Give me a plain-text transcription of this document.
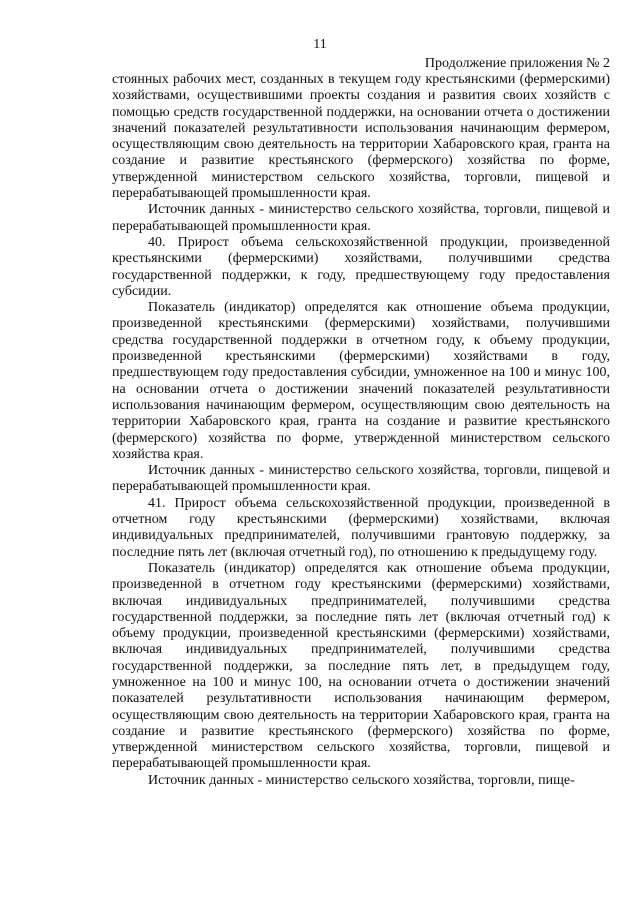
11
Продолжение приложения № 2

стоянных рабочих мест, созданных в текущем году крестьянскими (фермерскими) хозяйствами, осуществившими проекты создания и развития своих хозяйств с помощью средств государственной поддержки, на основании отчета о достижении значений показателей результативности использования начинающим фермером, осуществляющим свою деятельность на территории Хабаровского края, гранта на создание и развитие крестьянского (фермерского) хозяйства по форме, утвержденной министерством сельского хозяйства, торговли, пищевой и перерабатывающей промышленности края.

Источник данных - министерство сельского хозяйства, торговли, пищевой и перерабатывающей промышленности края.

40. Прирост объема сельскохозяйственной продукции, произведенной крестьянскими (фермерскими) хозяйствами, получившими средства государственной поддержки, к году, предшествующему году предоставления субсидии.

Показатель (индикатор) определятся как отношение объема продукции, произведенной крестьянскими (фермерскими) хозяйствами, получившими средства государственной поддержки в отчетном году, к объему продукции, произведенной крестьянскими (фермерскими) хозяйствами в году, предшествующем году предоставления субсидии, умноженное на 100 и минус 100, на основании отчета о достижении значений показателей результативности использования начинающим фермером, осуществляющим свою деятельность на территории Хабаровского края, гранта на создание и развитие крестьянского (фермерского) хозяйства по форме, утвержденной министерством сельского хозяйства края.

Источник данных - министерство сельского хозяйства, торговли, пищевой и перерабатывающей промышленности края.

41. Прирост объема сельскохозяйственной продукции, произведенной в отчетном году крестьянскими (фермерскими) хозяйствами, включая индивидуальных предпринимателей, получившими грантовую поддержку, за последние пять лет (включая отчетный год), по отношению к предыдущему году.

Показатель (индикатор) определятся как отношение объема продукции, произведенной в отчетном году крестьянскими (фермерскими) хозяйствами, включая индивидуальных предпринимателей, получившими средства государственной поддержки, за последние пять лет (включая отчетный год) к объему продукции, произведенной крестьянскими (фермерскими) хозяйствами, включая индивидуальных предпринимателей, получившими средства государственной поддержки, за последние пять лет, в предыдущем году, умноженное на 100 и минус 100, на основании отчета о достижении значений показателей результативности использования начинающим фермером, осуществляющим свою деятельность на территории Хабаровского края, гранта на создание и развитие крестьянского (фермерского) хозяйства по форме, утвержденной министерством сельского хозяйства, торговли, пищевой и перерабатывающей промышленности края.

Источник данных - министерство сельского хозяйства, торговли, пище-
